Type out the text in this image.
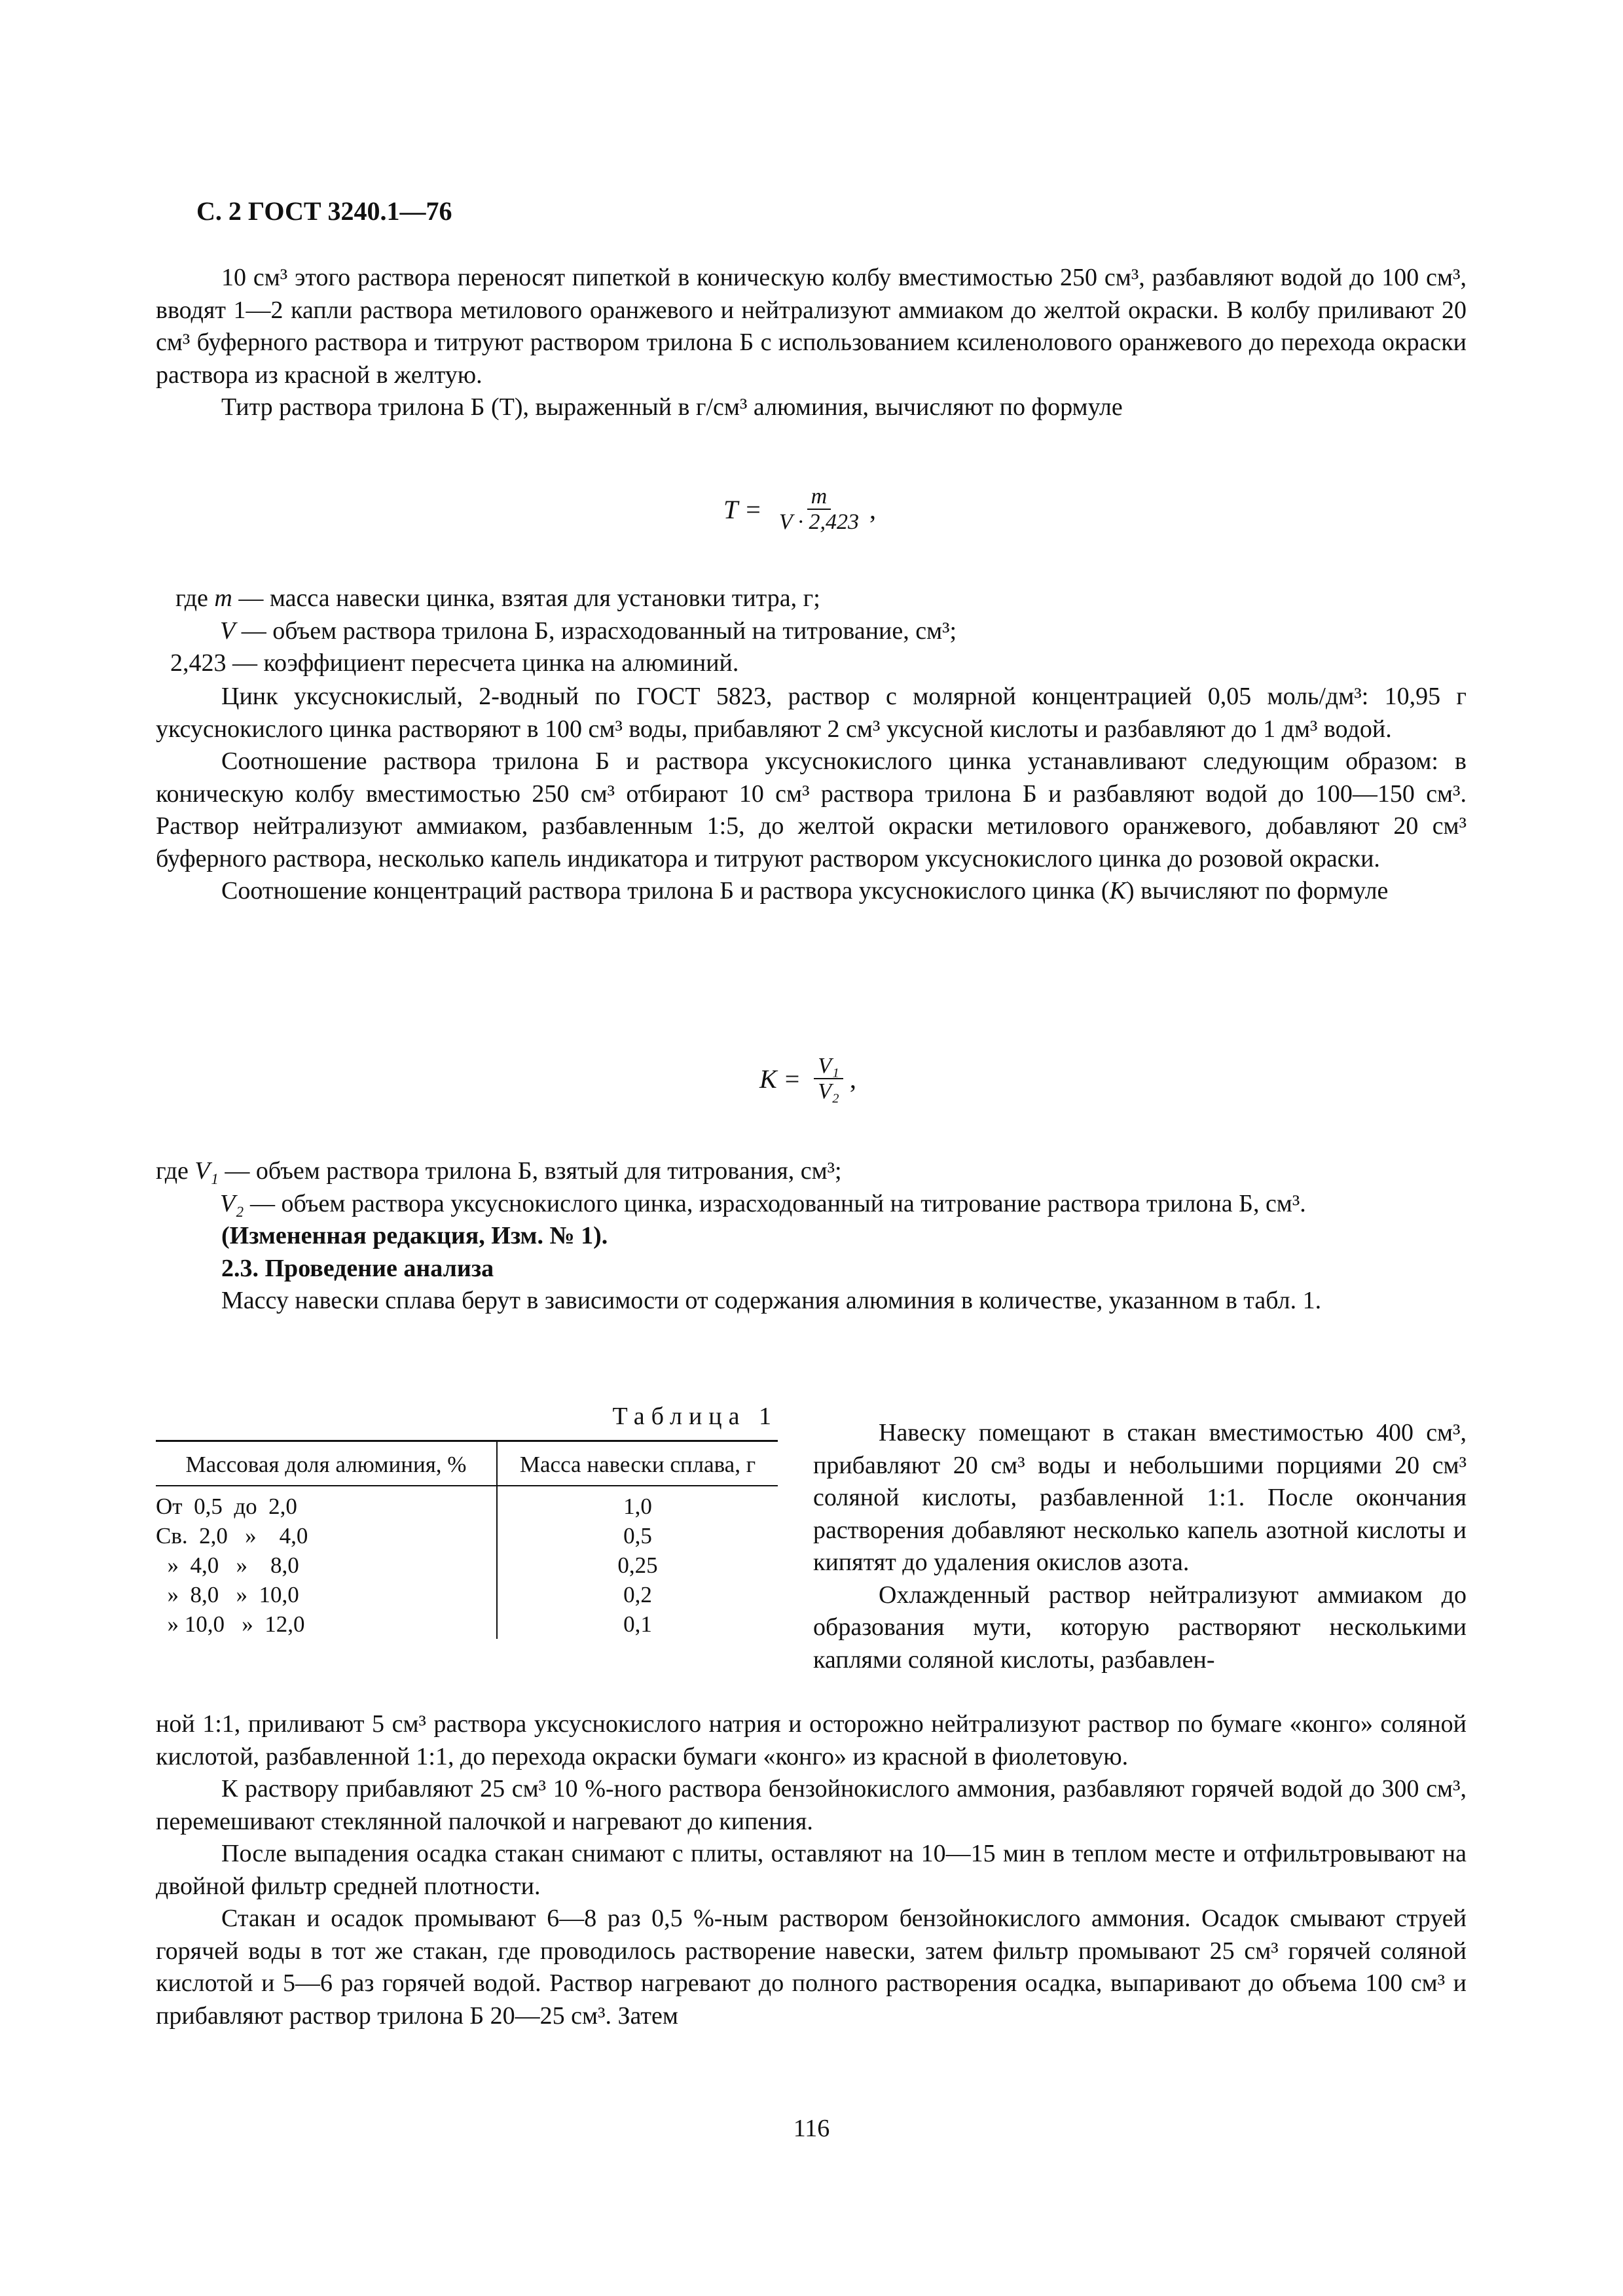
С. 2 ГОСТ 3240.1—76

10 см³ этого раствора переносят пипеткой в коническую колбу вместимостью 250 см³, разбавляют водой до 100 см³, вводят 1—2 капли раствора метилового оранжевого и нейтрализуют аммиаком до желтой окраски. В колбу приливают 20 см³ буферного раствора и титруют раствором трилона Б с использованием ксиленолового оранжевого до перехода окраски раствора из красной в желтую.

Титр раствора трилона Б (Т), выраженный в г/см³ алюминия, вычисляют по формуле

$T = \frac{m}{V \cdot 2,423}$ ,
где m — масса навески цинка, взятая для установки титра, г;
V — объем раствора трилона Б, израсходованный на титрование, см³;
2,423 — коэффициент пересчета цинка на алюминий.

Цинк уксуснокислый, 2-водный по ГОСТ 5823, раствор с молярной концентрацией 0,05 моль/дм³: 10,95 г уксуснокислого цинка растворяют в 100 см³ воды, прибавляют 2 см³ уксусной кислоты и разбавляют до 1 дм³ водой.

Соотношение раствора трилона Б и раствора уксуснокислого цинка устанавливают следующим образом: в коническую колбу вместимостью 250 см³ отбирают 10 см³ раствора трилона Б и разбавляют водой до 100—150 см³. Раствор нейтрализуют аммиаком, разбавленным 1:5, до желтой окраски метилового оранжевого, добавляют 20 см³ буферного раствора, несколько капель индикатора и титруют раствором уксуснокислого цинка до розовой окраски.

Соотношение концентраций раствора трилона Б и раствора уксуснокислого цинка (K) вычисляют по формуле

$K = \frac{\text{V₁}}{\text{V₂}}$ ,
где V₁ — объем раствора трилона Б, взятый для титрования, см³;
V₂ — объем раствора уксуснокислого цинка, израсходованный на титрование раствора трилона Б, см³.
(Измененная редакция, Изм. № 1).
2.3. Проведение анализа

Массу навески сплава берут в зависимости от содержания алюминия в количестве, указанном в табл. 1.

Таблица 1
Массовая доля алюминия, %	Масса навески сплава, г
От  0,5  до  2,0	1,0
Св.  2,0   »    4,0	0,5
»  4,0   »    8,0	0,25
»  8,0   »  10,0	0,2
» 10,0   »  12,0	0,1

Навеску помещают в стакан вместимостью 400 см³, прибавляют 20 см³ воды и небольшими порциями 20 см³ соляной кислоты, разбавленной 1:1. После окончания растворения добавляют несколько капель азотной кислоты и кипятят до удаления окислов азота.

Охлажденный раствор нейтрализуют аммиаком до образования мути, которую растворяют несколькими каплями соляной кислоты, разбавлен-

ной 1:1, приливают 5 см³ раствора уксуснокислого натрия и осторожно нейтрализуют раствор по бумаге «конго» соляной кислотой, разбавленной 1:1, до перехода окраски бумаги «конго» из красной в фиолетовую.

К раствору прибавляют 25 см³ 10 %-ного раствора бензойнокислого аммония, разбавляют горячей водой до 300 см³, перемешивают стеклянной палочкой и нагревают до кипения.

После выпадения осадка стакан снимают с плиты, оставляют на 10—15 мин в теплом месте и отфильтровывают на двойной фильтр средней плотности.

Стакан и осадок промывают 6—8 раз 0,5 %-ным раствором бензойнокислого аммония. Осадок смывают струей горячей воды в тот же стакан, где проводилось растворение навески, затем фильтр промывают 25 см³ горячей соляной кислотой и 5—6 раз горячей водой. Раствор нагревают до полного растворения осадка, выпаривают до объема 100 см³ и прибавляют раствор трилона Б 20—25 см³. Затем

116
